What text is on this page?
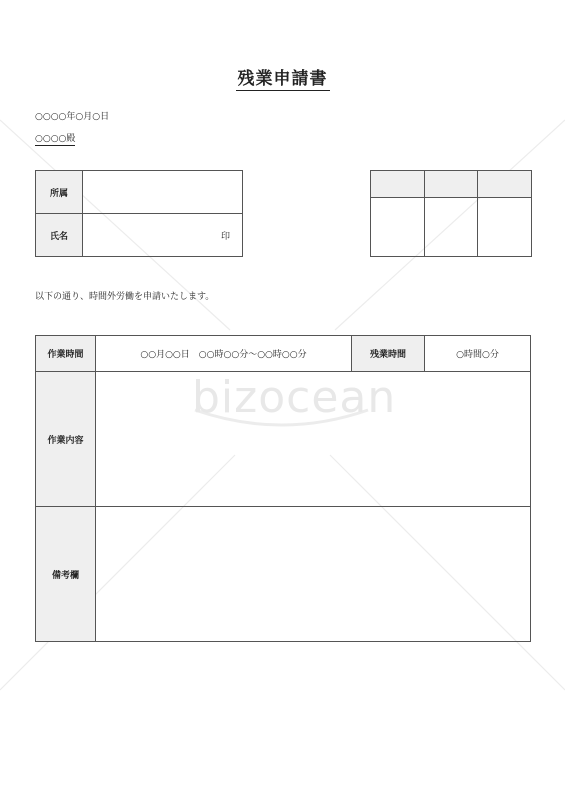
bizocean
残業申請書
○○○○年○月○日
○○○○殿
所属	
氏名	印

以下の通り、時間外労働を申請いたします。
作業時間	○○月○○日　○○時○○分～○○時○○分	残業時間	○時間○分
作業内容			
備考欄			
